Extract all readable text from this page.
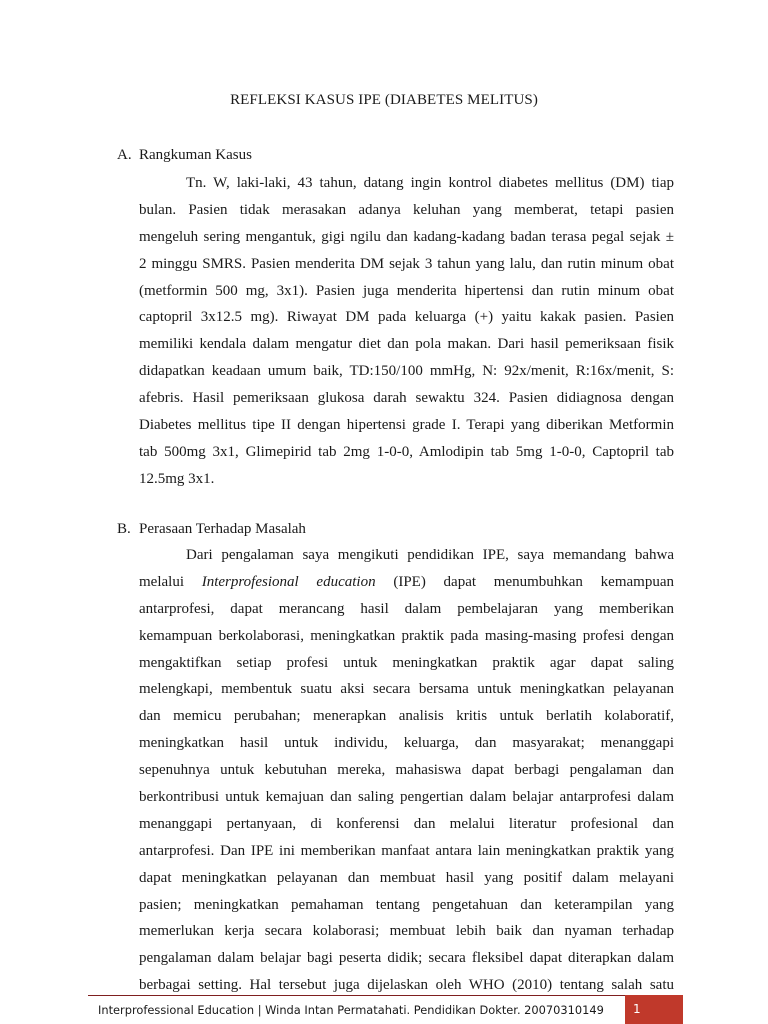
REFLEKSI KASUS IPE (DIABETES MELITUS)
A. Rangkuman Kasus
Tn. W, laki-laki, 43 tahun, datang ingin kontrol diabetes mellitus (DM) tiap
bulan. Pasien tidak merasakan adanya keluhan yang memberat, tetapi pasien
mengeluh sering mengantuk, gigi ngilu dan kadang-kadang badan terasa pegal sejak ±
2 minggu SMRS. Pasien menderita DM sejak 3 tahun yang lalu, dan rutin minum obat
(metformin 500 mg, 3x1). Pasien juga menderita hipertensi dan rutin minum obat
captopril 3x12.5 mg). Riwayat DM pada keluarga (+) yaitu kakak pasien. Pasien
memiliki kendala dalam mengatur diet dan pola makan. Dari hasil pemeriksaan fisik
didapatkan keadaan umum baik, TD:150/100 mmHg, N: 92x/menit, R:16x/menit, S:
afebris. Hasil pemeriksaan glukosa darah sewaktu 324. Pasien didiagnosa dengan
Diabetes mellitus tipe II dengan hipertensi grade I. Terapi yang diberikan Metformin
tab 500mg 3x1, Glimepirid tab 2mg 1-0-0, Amlodipin tab 5mg 1-0-0, Captopril tab
12.5mg 3x1.
B. Perasaan Terhadap Masalah
Dari pengalaman saya mengikuti pendidikan IPE, saya memandang bahwa
melalui Interprofesional education (IPE) dapat menumbuhkan kemampuan
antarprofesi, dapat merancang hasil dalam pembelajaran yang memberikan
kemampuan berkolaborasi, meningkatkan praktik pada masing-masing profesi dengan
mengaktifkan setiap profesi untuk meningkatkan praktik agar dapat saling
melengkapi, membentuk suatu aksi secara bersama untuk meningkatkan pelayanan
dan memicu perubahan; menerapkan analisis kritis untuk berlatih kolaboratif,
meningkatkan hasil untuk individu, keluarga, dan masyarakat; menanggapi
sepenuhnya untuk kebutuhan mereka, mahasiswa dapat berbagi pengalaman dan
berkontribusi untuk kemajuan dan saling pengertian dalam belajar antarprofesi dalam
menanggapi pertanyaan, di konferensi dan melalui literatur profesional dan
antarprofesi. Dan IPE ini memberikan manfaat antara lain meningkatkan praktik yang
dapat meningkatkan pelayanan dan membuat hasil yang positif dalam melayani
pasien; meningkatkan pemahaman tentang pengetahuan dan keterampilan yang
memerlukan kerja secara kolaborasi; membuat lebih baik dan nyaman terhadap
pengalaman dalam belajar bagi peserta didik; secara fleksibel dapat diterapkan dalam
berbagai setting. Hal tersebut juga dijelaskan oleh WHO (2010) tentang salah satu
Interprofessional Education | Winda Intan Permatahati. Pendidikan Dokter. 20070310149	1
